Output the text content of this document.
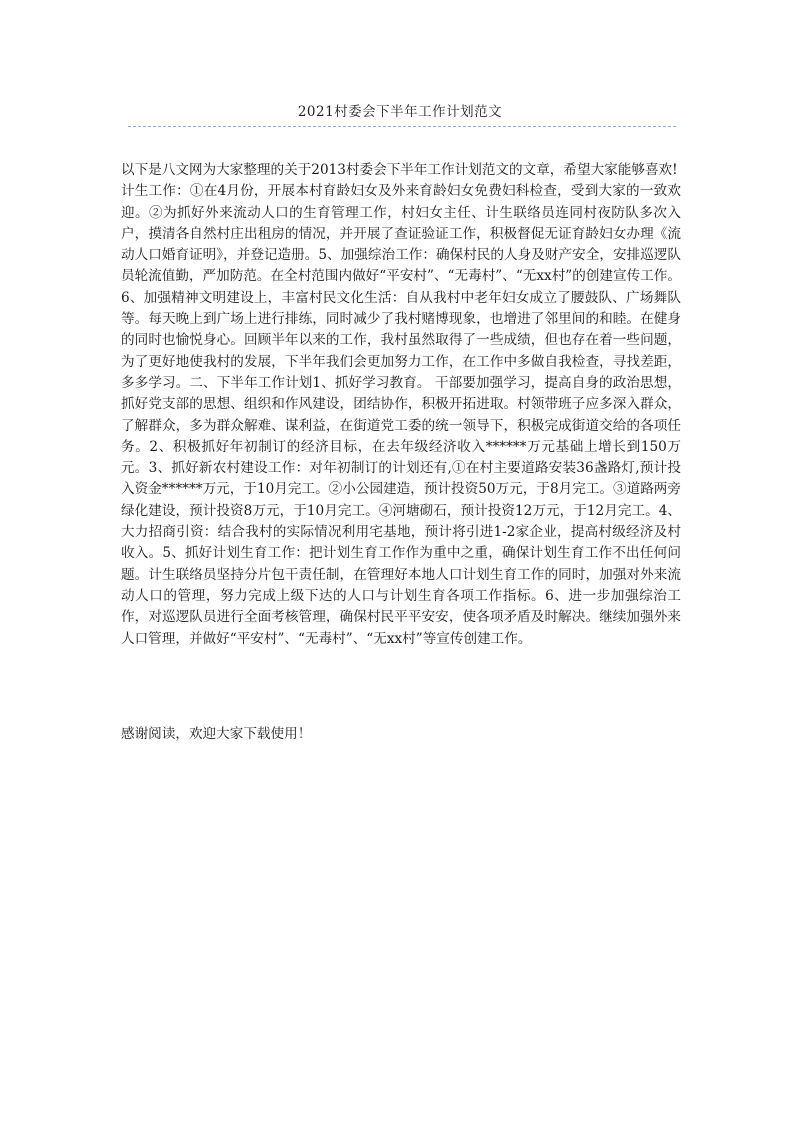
2021村委会下半年工作计划范文

以下是八文网为大家整理的关于2013村委会下半年工作计划范文的文章，希望大家能够喜欢!

计生工作：①在4月份，开展本村育龄妇女及外来育龄妇女免费妇科检查，受到大家的一致欢迎。②为抓好外来流动人口的生育管理工作，村妇女主任、计生联络员连同村夜防队多次入户，摸清各自然村庄出租房的情况，并开展了查证验证工作，积极督促无证育龄妇女办理《流动人口婚育证明》，并登记造册。5、加强综治工作：确保村民的人身及财产安全，安排巡逻队员轮流值勤，严加防范。在全村范围内做好“平安村”、“无毒村”、“无xx村”的创建宣传工作。6、加强精神文明建设上，丰富村民文化生活：自从我村中老年妇女成立了腰鼓队、广场舞队等。每天晚上到广场上进行排练，同时减少了我村赌博现象，也增进了邻里间的和睦。在健身的同时也愉悦身心。回顾半年以来的工作，我村虽然取得了一些成绩，但也存在着一些问题，为了更好地使我村的发展，下半年我们会更加努力工作，在工作中多做自我检查，寻找差距，多多学习。二、下半年工作计划1、抓好学习教育。 干部要加强学习，提高自身的政治思想，抓好党支部的思想、组织和作风建设，团结协作，积极开拓进取。村领带班子应多深入群众，了解群众，多为群众解难、谋利益，在街道党工委的统一领导下，积极完成街道交给的各项任务。2、积极抓好年初制订的经济目标，在去年级经济收入******万元基础上增长到150万元。3、抓好新农村建设工作：对年初制订的计划还有,①在村主要道路安装36盏路灯,预计投入资金******万元，于10月完工。②小公园建造，预计投资50万元，于8月完工。③道路两旁绿化建设，预计投资8万元，于10月完工。④河塘砌石，预计投资12万元，于12月完工。4、大力招商引资：结合我村的实际情况利用宅基地，预计将引进1-2家企业，提高村级经济及村收入。5、抓好计划生育工作：把计划生育工作作为重中之重，确保计划生育工作不出任何问题。计生联络员坚持分片包干责任制，在管理好本地人口计划生育工作的同时，加强对外来流动人口的管理，努力完成上级下达的人口与计划生育各项工作指标。6、进一步加强综治工作，对巡逻队员进行全面考核管理，确保村民平平安安，使各项矛盾及时解决。继续加强外来人口管理，并做好“平安村”、“无毒村”、“无xx村”等宣传创建工作。

感谢阅读，欢迎大家下载使用！
